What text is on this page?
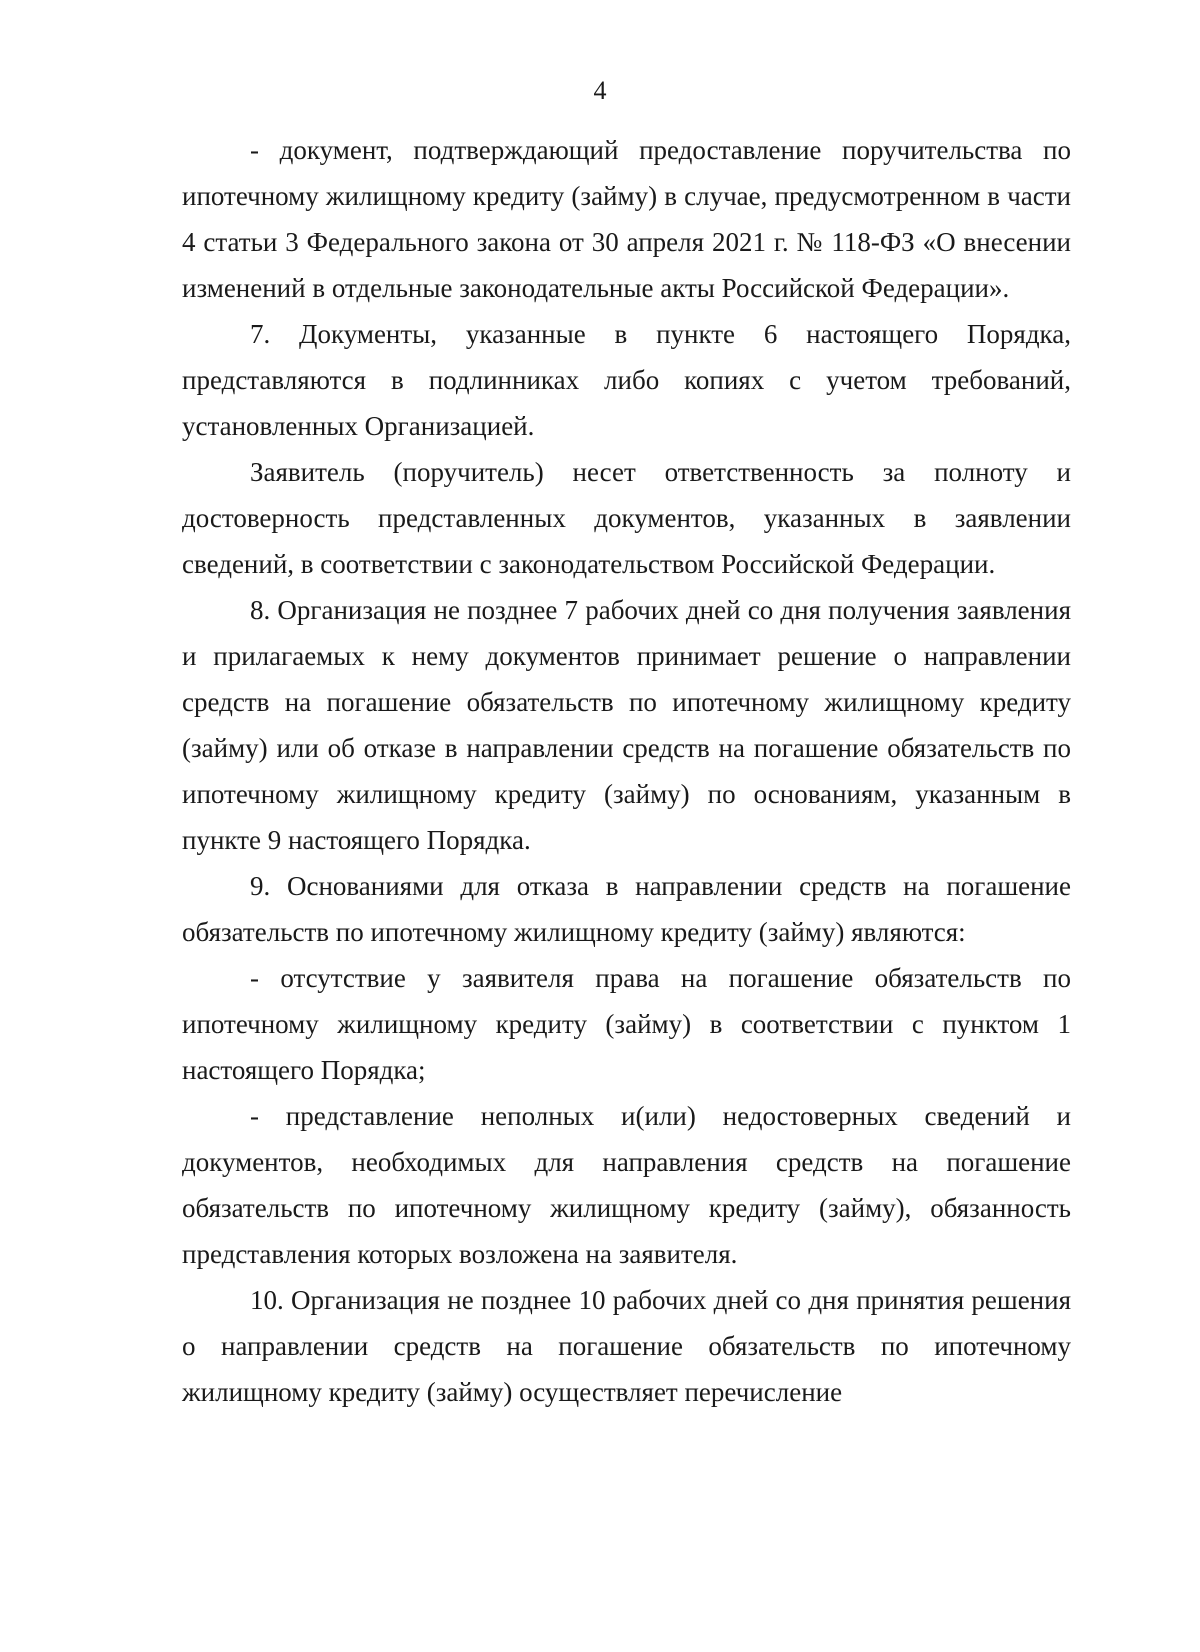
4

- документ, подтверждающий предоставление поручительства по ипотечному жилищному кредиту (займу) в случае, предусмотренном в части 4 статьи 3 Федерального закона от 30 апреля 2021 г. № 118-ФЗ «О внесении изменений в отдельные законодательные акты Российской Федерации».

7. Документы, указанные в пункте 6 настоящего Порядка, представляются в подлинниках либо копиях с учетом требований, установленных Организацией.

Заявитель (поручитель) несет ответственность за полноту и достоверность представленных документов, указанных в заявлении сведений, в соответствии с законодательством Российской Федерации.

8. Организация не позднее 7 рабочих дней со дня получения заявления и прилагаемых к нему документов принимает решение о направлении средств на погашение обязательств по ипотечному жилищному кредиту (займу) или об отказе в направлении средств на погашение обязательств по ипотечному жилищному кредиту (займу) по основаниям, указанным в пункте 9 настоящего Порядка.

9. Основаниями для отказа в направлении средств на погашение обязательств по ипотечному жилищному кредиту (займу) являются:

- отсутствие у заявителя права на погашение обязательств по ипотечному жилищному кредиту (займу) в соответствии с пунктом 1 настоящего Порядка;

- представление неполных и(или) недостоверных сведений и документов, необходимых для направления средств на погашение обязательств по ипотечному жилищному кредиту (займу), обязанность представления которых возложена на заявителя.

10. Организация не позднее 10 рабочих дней со дня принятия решения о направлении средств на погашение обязательств по ипотечному жилищному кредиту (займу) осуществляет перечисление
